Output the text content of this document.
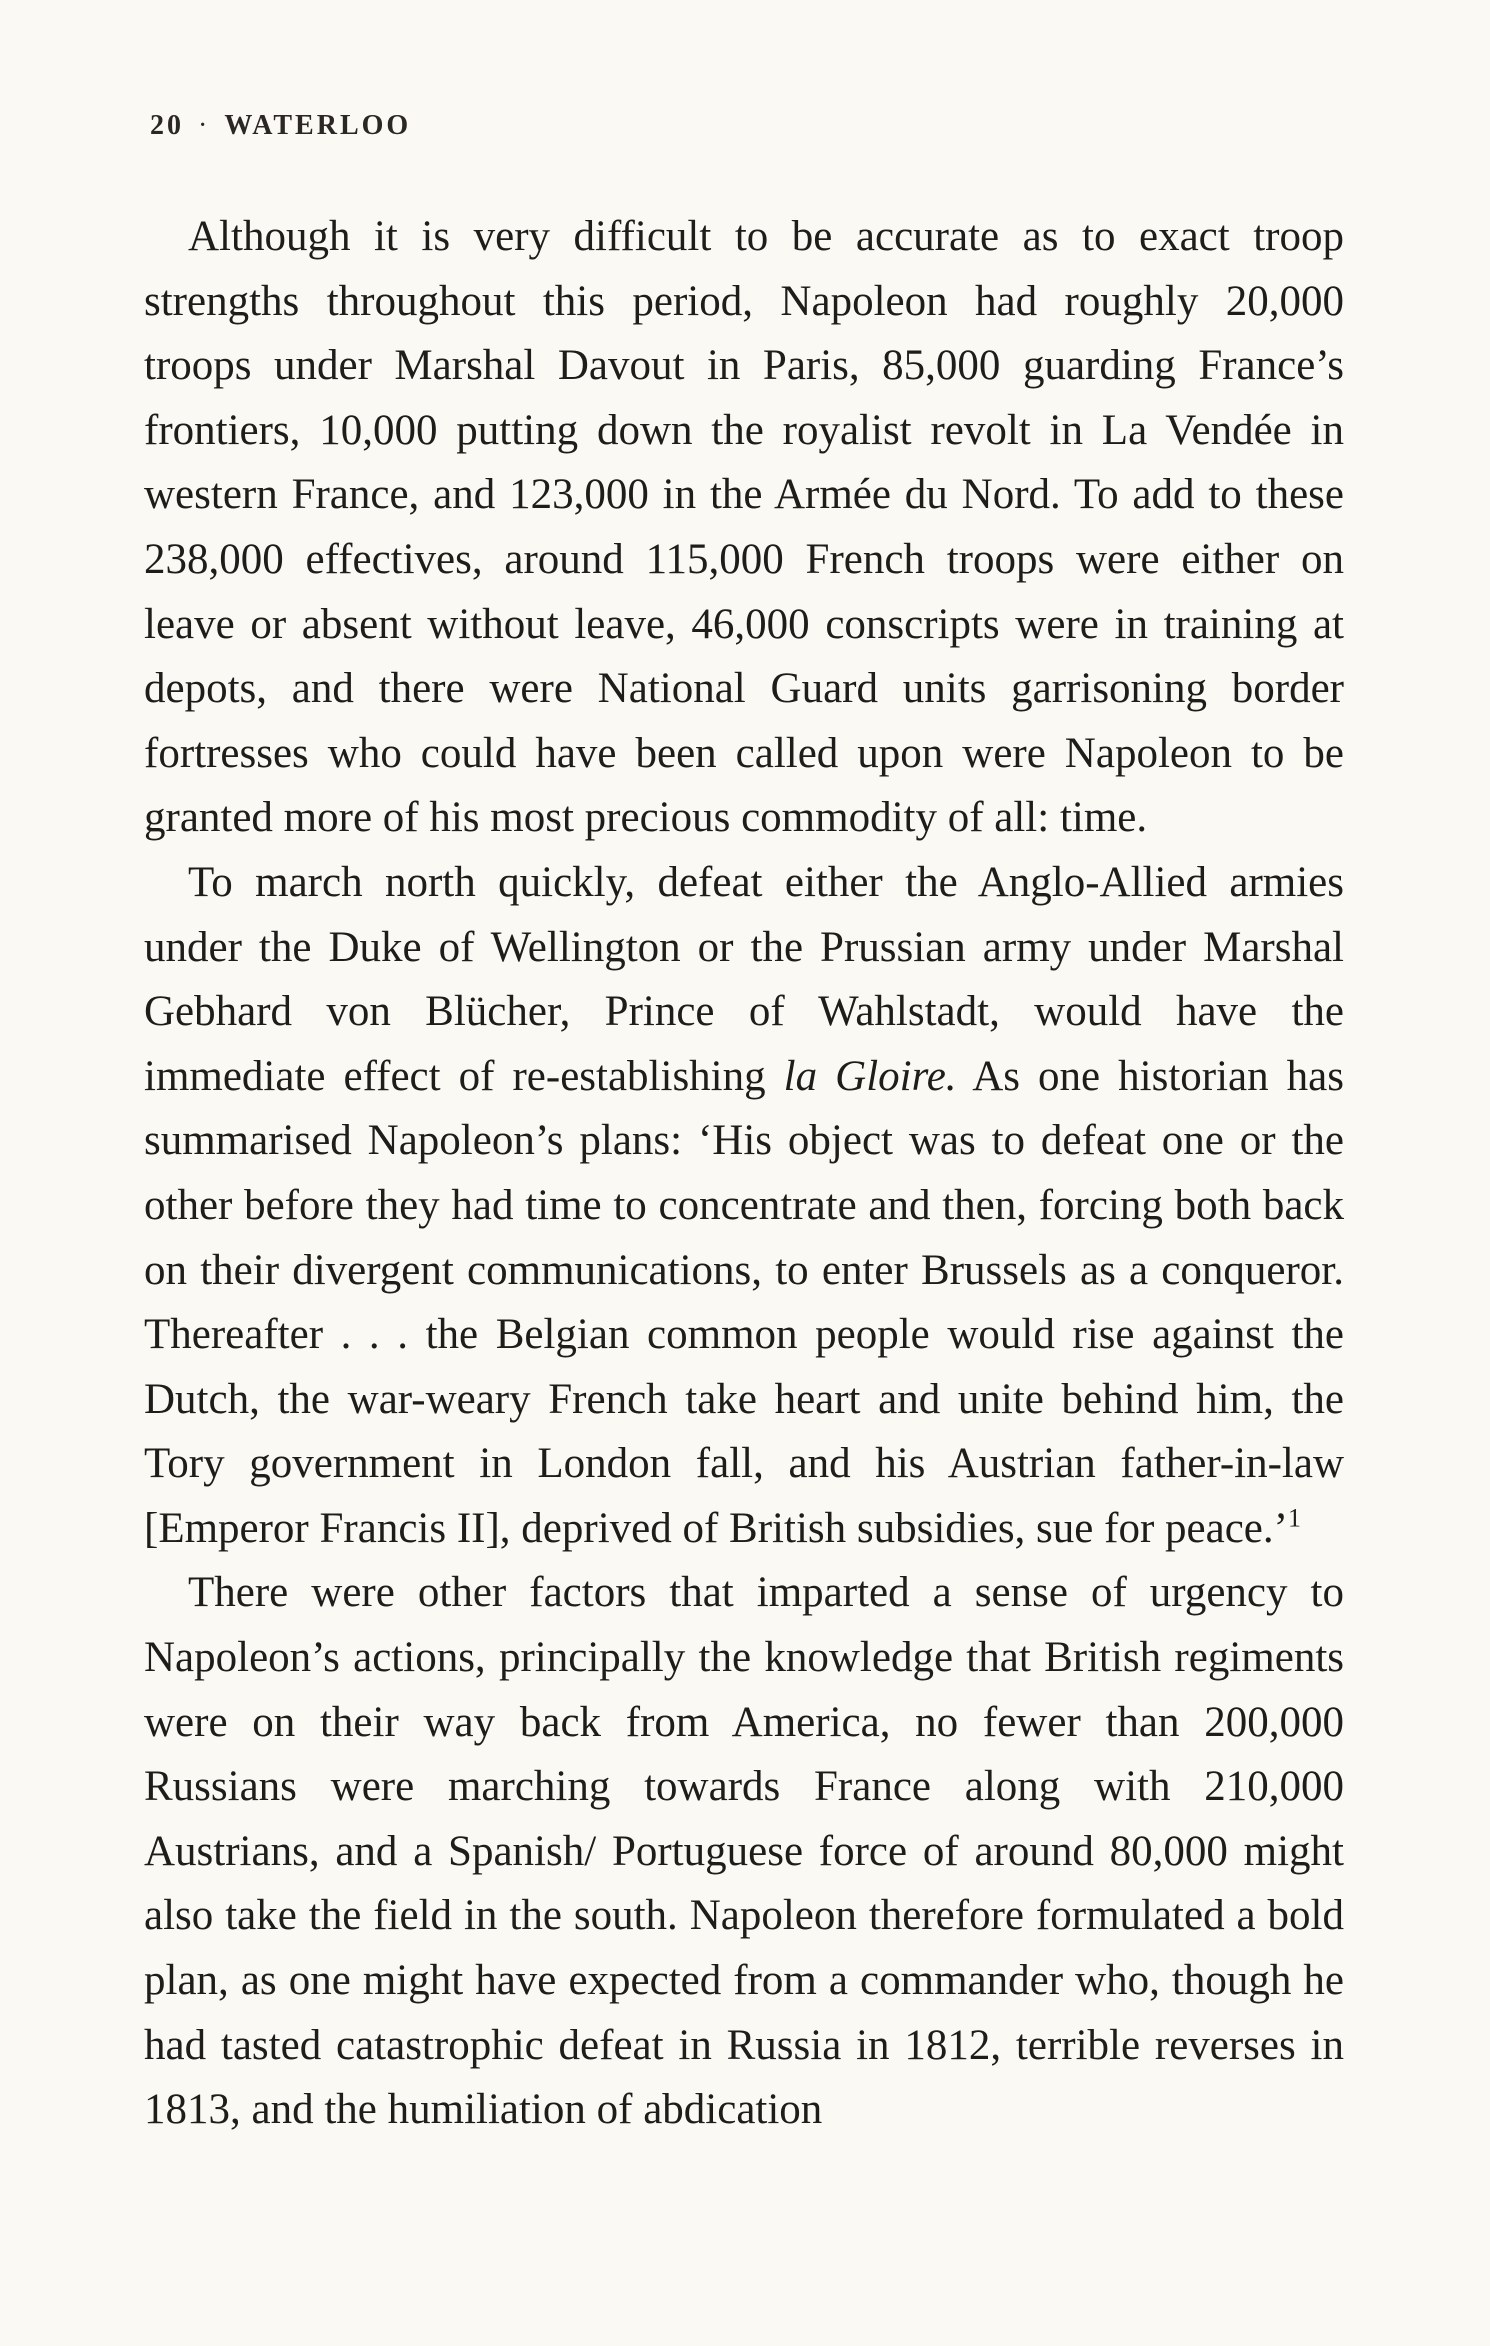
20 · WATERLOO

Although it is very difficult to be accurate as to exact troop strengths throughout this period, Napoleon had roughly 20,000 troops under Marshal Davout in Paris, 85,000 guarding France’s frontiers, 10,000 putting down the royalist revolt in La Vendée in western France, and 123,000 in the Armée du Nord. To add to these 238,000 effectives, around 115,000 French troops were either on leave or absent without leave, 46,000 conscripts were in training at depots, and there were National Guard units garrisoning border fortresses who could have been called upon were Napoleon to be granted more of his most precious commodity of all: time.

To march north quickly, defeat either the Anglo-Allied armies under the Duke of Wellington or the Prussian army under Marshal Gebhard von Blücher, Prince of Wahlstadt, would have the immediate effect of re-establishing la Gloire. As one historian has summarised Napoleon’s plans: ‘His object was to defeat one or the other before they had time to concentrate and then, forcing both back on their divergent communications, to enter Brussels as a conqueror. Thereafter . . . the Belgian common people would rise against the Dutch, the war-weary French take heart and unite behind him, the Tory government in London fall, and his Austrian father-in-law [Emperor Francis II], deprived of British subsidies, sue for peace.’$^1$

There were other factors that imparted a sense of urgency to Napoleon’s actions, principally the knowledge that British regiments were on their way back from America, no fewer than 200,000 Russians were marching towards France along with 210,000 Austrians, and a Spanish/ Portuguese force of around 80,000 might also take the field in the south. Napoleon therefore formulated a bold plan, as one might have expected from a commander who, though he had tasted catastrophic defeat in Russia in 1812, terrible reverses in 1813, and the humiliation of abdication
